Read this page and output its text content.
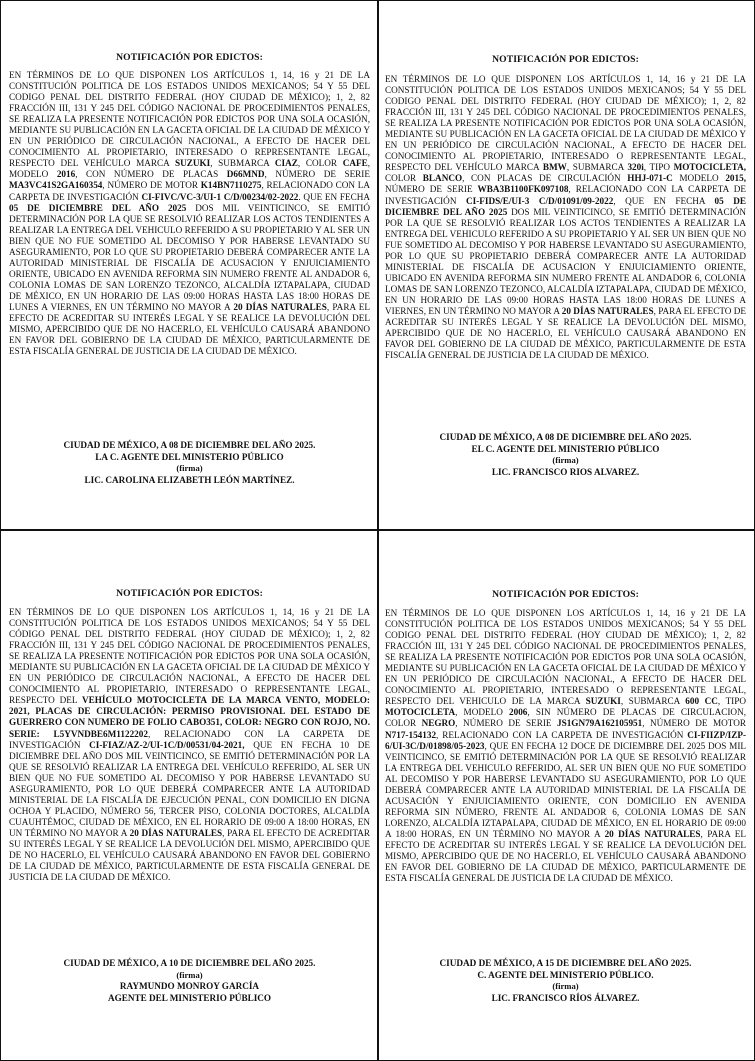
NOTIFICACIÓN POR EDICTOS:
EN TÉRMINOS DE LO QUE DISPONEN LOS ARTÍCULOS 1, 14, 16 y 21 DE LA CONSTITUCIÓN POLITICA DE LOS ESTADOS UNIDOS MEXICANOS; 54 Y 55 DEL CODIGO PENAL DEL DISTRITO FEDERAL (HOY CIUDAD DE MÉXICO); 1, 2, 82 FRACCIÓN III, 131 Y 245 DEL CÓDIGO NACIONAL DE PROCEDIMIENTOS PENALES, SE REALIZA LA PRESENTE NOTIFICACIÓN POR EDICTOS POR UNA SOLA OCASIÓN, MEDIANTE SU PUBLICACIÓN EN LA GACETA OFICIAL DE LA CIUDAD DE MÉXICO Y EN UN PERIÓDICO DE CIRCULACIÓN NACIONAL, A EFECTO DE HACER DEL CONOCIMIENTO AL PROPIETARIO, INTERESADO O REPRESENTANTE LEGAL, RESPECTO DEL VEHÍCULO MARCA SUZUKI, SUBMARCA CIAZ, COLOR CAFE, MODELO 2016, CON NÚMERO DE PLACAS D66MND, NÚMERO DE SERIE MA3VC41S2GA160354, NÚMERO DE MOTOR K14BN7110275, RELACIONADO CON LA CARPETA DE INVESTIGACIÓN CI-FIVC/VC-3/UI-1 C/D/00234/02-2022. QUE EN FECHA 05 DE DICIEMBRE DEL AÑO 2025 DOS MIL VEINTICINCO, SE EMITIÓ DETERMINACIÓN POR LA QUE SE RESOLVIÓ REALIZAR LOS ACTOS TENDIENTES A REALIZAR LA ENTREGA DEL VEHICULO REFERIDO A SU PROPIETARIO Y AL SER UN BIEN QUE NO FUE SOMETIDO AL DECOMISO Y POR HABERSE LEVANTADO SU ASEGURAMIENTO, POR LO QUE SU PROPIETARIO DEBERÁ COMPARECER ANTE LA AUTORIDAD MINISTERIAL DE FISCALÍA DE ACUSACION Y ENJUICIAMIENTO ORIENTE, UBICADO EN AVENIDA REFORMA SIN NUMERO FRENTE AL ANDADOR 6, COLONIA LOMAS DE SAN LORENZO TEZONCO, ALCALDÍA IZTAPALAPA, CIUDAD DE MÉXICO, EN UN HORARIO DE LAS 09:00 HORAS HASTA LAS 18:00 HORAS DE LUNES A VIERNES, EN UN TÉRMINO NO MAYOR A 20 DÍAS NATURALES, PARA EL EFECTO DE ACREDITAR SU INTERÉS LEGAL Y SE REALICE LA DEVOLUCIÓN DEL MISMO, APERCIBIDO QUE DE NO HACERLO, EL VEHÍCULO CAUSARÁ ABANDONO EN FAVOR DEL GOBIERNO DE LA CIUDAD DE MÉXICO, PARTICULARMENTE DE ESTA FISCALÍA GENERAL DE JUSTICIA DE LA CIUDAD DE MÉXICO.
CIUDAD DE MÉXICO, A 08 DE DICIEMBRE DEL AÑO 2025.
LA C. AGENTE DEL MINISTERIO PÚBLICO
(firma)
LIC. CAROLINA ELIZABETH LEÓN MARTÍNEZ.
NOTIFICACIÓN POR EDICTOS:
EN TÉRMINOS DE LO QUE DISPONEN LOS ARTÍCULOS 1, 14, 16 y 21 DE LA CONSTITUCIÓN POLITICA DE LOS ESTADOS UNIDOS MEXICANOS; 54 Y 55 DEL CODIGO PENAL DEL DISTRITO FEDERAL (HOY CIUDAD DE MÉXICO); 1, 2, 82 FRACCIÓN III, 131 Y 245 DEL CÓDIGO NACIONAL DE PROCEDIMIENTOS PENALES, SE REALIZA LA PRESENTE NOTIFICACIÓN POR EDICTOS POR UNA SOLA OCASIÓN, MEDIANTE SU PUBLICACIÓN EN LA GACETA OFICIAL DE LA CIUDAD DE MÉXICO Y EN UN PERIÓDICO DE CIRCULACIÓN NACIONAL, A EFECTO DE HACER DEL CONOCIMIENTO AL PROPIETARIO, INTERESADO O REPRESENTANTE LEGAL, RESPECTO DEL VEHÍCULO MARCA BMW, SUBMARCA 320i, TIPO MOTOCICLETA, COLOR BLANCO, CON PLACAS DE CIRCULACIÓN HHJ-071-C MODELO 2015, NÚMERO DE SERIE WBA3B1100FK097108, RELACIONADO CON LA CARPETA DE INVESTIGACIÓN CI-FIDS/E/UI-3 C/D/01091/09-2022, QUE EN FECHA 05 DE DICIEMBRE DEL AÑO 2025 DOS MIL VEINTICINCO, SE EMITIÓ DETERMINACIÓN POR LA QUE SE RESOLVIÓ REALIZAR LOS ACTOS TENDIENTES A REALIZAR LA ENTREGA DEL VEHICULO REFERIDO A SU PROPIETARIO Y AL SER UN BIEN QUE NO FUE SOMETIDO AL DECOMISO Y POR HABERSE LEVANTADO SU ASEGURAMIENTO, POR LO QUE SU PROPIETARIO DEBERÁ COMPARECER ANTE LA AUTORIDAD MINISTERIAL DE FISCALÍA DE ACUSACION Y ENJUICIAMIENTO ORIENTE, UBICADO EN AVENIDA REFORMA SIN NUMERO FRENTE AL ANDADOR 6, COLONIA LOMAS DE SAN LORENZO TEZONCO, ALCALDÍA IZTAPALAPA, CIUDAD DE MÉXICO, EN UN HORARIO DE LAS 09:00 HORAS HASTA LAS 18:00 HORAS DE LUNES A VIERNES, EN UN TÉRMINO NO MAYOR A 20 DÍAS NATURALES, PARA EL EFECTO DE ACREDITAR SU INTERÉS LEGAL Y SE REALICE LA DEVOLUCIÓN DEL MISMO, APERCIBIDO QUE DE NO HACERLO, EL VEHÍCULO CAUSARÁ ABANDONO EN FAVOR DEL GOBIERNO DE LA CIUDAD DE MÉXICO, PARTICULARMENTE DE ESTA FISCALÍA GENERAL DE JUSTICIA DE LA CIUDAD DE MÉXICO.
CIUDAD DE MÉXICO, A 08 DE DICIEMBRE DEL AÑO 2025.
EL C. AGENTE DEL MINISTERIO PÚBLICO
(firma)
LIC. FRANCISCO RIOS ALVAREZ.
NOTIFICACIÓN POR EDICTOS:
EN TÉRMINOS DE LO QUE DISPONEN LOS ARTÍCULOS 1, 14, 16 y 21 DE LA CONSTITUCIÓN POLITICA DE LOS ESTADOS UNIDOS MEXICANOS; 54 Y 55 DEL CÓDIGO PENAL DEL DISTRITO FEDERAL (HOY CIUDAD DE MÉXICO); 1, 2, 82 FRACCIÓN III, 131 Y 245 DEL CÓDIGO NACIONAL DE PROCEDIMIENTOS PENALES, SE REALIZA LA PRESENTE NOTIFICACIÓN POR EDICTOS POR UNA SOLA OCASIÓN, MEDIANTE SU PUBLICACIÓN EN LA GACETA OFICIAL DE LA CIUDAD DE MÉXICO Y EN UN PERIÓDICO DE CIRCULACIÓN NACIONAL, A EFECTO DE HACER DEL CONOCIMIENTO AL PROPIETARIO, INTERESADO O REPRESENTANTE LEGAL, RESPECTO DEL VEHÍCULO MOTOCICLETA DE LA MARCA VENTO, MODELO: 2021, PLACAS DE CIRCULACIÓN: PERMISO PROVISIONAL DEL ESTADO DE GUERRERO CON NUMERO DE FOLIO CABO351, COLOR: NEGRO CON ROJO, NO. SERIE: L5YVNDBE6M1122202, RELACIONADO CON LA CARPETA DE INVESTIGACIÓN CI-FIAZ/AZ-2/UI-1C/D/00531/04-2021, QUE EN FECHA 10 DE DICIEMBRE DEL AÑO DOS MIL VEINTICINCO, SE EMITIÓ DETERMINACIÓN POR LA QUE SE RESOLVIÓ REALIZAR LA ENTREGA DEL VEHÍCULO REFERIDO, AL SER UN BIEN QUE NO FUE SOMETIDO AL DECOMISO Y POR HABERSE LEVANTADO SU ASEGURAMIENTO, POR LO QUE DEBERÁ COMPARECER ANTE LA AUTORIDAD MINISTERIAL DE LA FISCALÍA DE EJECUCIÓN PENAL, CON DOMICILIO EN DIGNA OCHOA Y PLACIDO, NÚMERO 56, TERCER PISO, COLONIA DOCTORES, ALCALDÍA CUAUHTÉMOC, CIUDAD DE MÉXICO, EN EL HORARIO DE 09:00 A 18:00 HORAS, EN UN TÉRMINO NO MAYOR A 20 DÍAS NATURALES, PARA EL EFECTO DE ACREDITAR SU INTERÉS LEGAL Y SE REALICE LA DEVOLUCIÓN DEL MISMO, APERCIBIDO QUE DE NO HACERLO, EL VEHÍCULO CAUSARÁ ABANDONO EN FAVOR DEL GOBIERNO DE LA CIUDAD DE MÉXICO, PARTICULARMENTE DE ESTA FISCALÍA GENERAL DE JUSTICIA DE LA CIUDAD DE MÉXICO.
CIUDAD DE MÉXICO, A 10 DE DICIEMBRE DEL AÑO 2025.
(firma)
RAYMUNDO MONROY GARCÍA
AGENTE DEL MINISTERIO PÚBLICO
NOTIFICACIÓN POR EDICTOS:
EN TÉRMINOS DE LO QUE DISPONEN LOS ARTÍCULOS 1, 14, 16 y 21 DE LA CONSTITUCIÓN POLITICA DE LOS ESTADOS UNIDOS MEXICANOS; 54 Y 55 DEL CODIGO PENAL DEL DISTRITO FEDERAL (HOY CIUDAD DE MÉXICO); 1, 2, 82 FRACCIÓN III, 131 Y 245 DEL CÓDIGO NACIONAL DE PROCEDIMIENTOS PENALES, SE REALIZA LA PRESENTE NOTIFICACIÓN POR EDICTOS POR UNA SOLA OCASIÓN, MEDIANTE SU PUBLICACIÓN EN LA GACETA OFICIAL DE LA CIUDAD DE MÉXICO Y EN UN PERIÓDICO DE CIRCULACIÓN NACIONAL, A EFECTO DE HACER DEL CONOCIMIENTO AL PROPIETARIO, INTERESADO O REPRESENTANTE LEGAL, RESPECTO DEL VEHICULO DE LA MARCA SUZUKI, SUBMARCA 600 CC, TIPO MOTOCICLETA, MODELO 2006, SIN NÚMERO DE PLACAS DE CIRCULACION, COLOR NEGRO, NÚMERO DE SERIE JS1GN79A162105951, NÚMERO DE MOTOR N717-154132, RELACIONADO CON LA CARPETA DE INVESTIGACIÓN CI-FIIZP/IZP-6/UI-3C/D/01898/05-2023, QUE EN FECHA 12 DOCE DE DICIEMBRE DEL 2025 DOS MIL VEINTICINCO, SE EMITIÓ DETERMINACIÓN POR LA QUE SE RESOLVIÓ REALIZAR LA ENTREGA DEL VEHICULO REFERIDO, AL SER UN BIEN QUE NO FUE SOMETIDO AL DECOMISO Y POR HABERSE LEVANTADO SU ASEGURAMIENTO, POR LO QUE DEBERÁ COMPARECER ANTE LA AUTORIDAD MINISTERIAL DE LA FISCALÍA DE ACUSACIÓN Y ENJUICIAMIENTO ORIENTE, CON DOMICILIO EN AVENIDA REFORMA SIN NÚMERO, FRENTE AL ANDADOR 6, COLONIA LOMAS DE SAN LORENZO, ALCALDÍA IZTAPALAPA, CIUDAD DE MÉXICO, EN EL HORARIO DE 09:00 A 18:00 HORAS, EN UN TÉRMINO NO MAYOR A 20 DÍAS NATURALES, PARA EL EFECTO DE ACREDITAR SU INTERÉS LEGAL Y SE REALICE LA DEVOLUCIÓN DEL MISMO, APERCIBIDO QUE DE NO HACERLO, EL VEHÍCULO CAUSARÁ ABANDONO EN FAVOR DEL GOBIERNO DE LA CIUDAD DE MÉXICO, PARTICULARMENTE DE ESTA FISCALÍA GENERAL DE JUSTICIA DE LA CIUDAD DE MÉXICO.
CIUDAD DE MÉXICO, A 15 DE DICIEMBRE DEL AÑO 2025.
C. AGENTE DEL MINISTERIO PÚBLICO.
(firma)
LIC. FRANCISCO RÍOS ÁLVAREZ.
